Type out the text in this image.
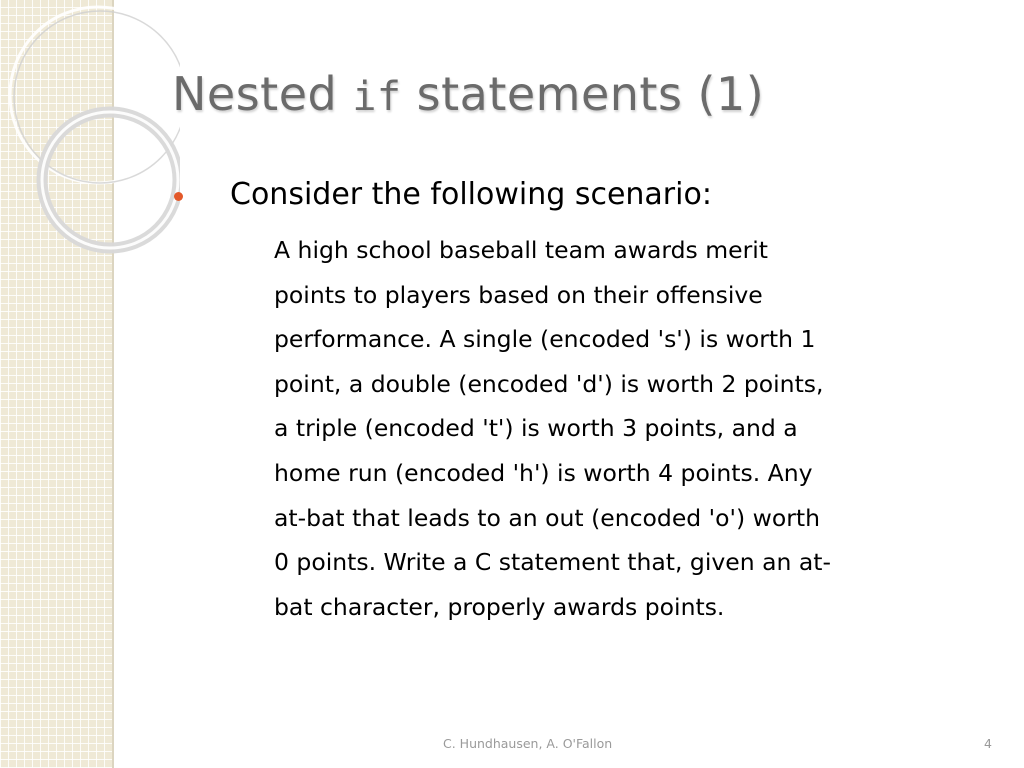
Nested if statements (1)

Consider the following scenario:

A high school baseball team awards merit
points to players based on their offensive
performance. A single (encoded 's') is worth 1
point, a double (encoded 'd') is worth 2 points,
a triple (encoded 't') is worth 3 points, and a
home run (encoded 'h') is worth 4 points. Any
at-bat that leads to an out (encoded 'o') worth
0 points. Write a C statement that, given an at-
bat character, properly awards points.
C. Hundhausen, A. O'Fallon	4
